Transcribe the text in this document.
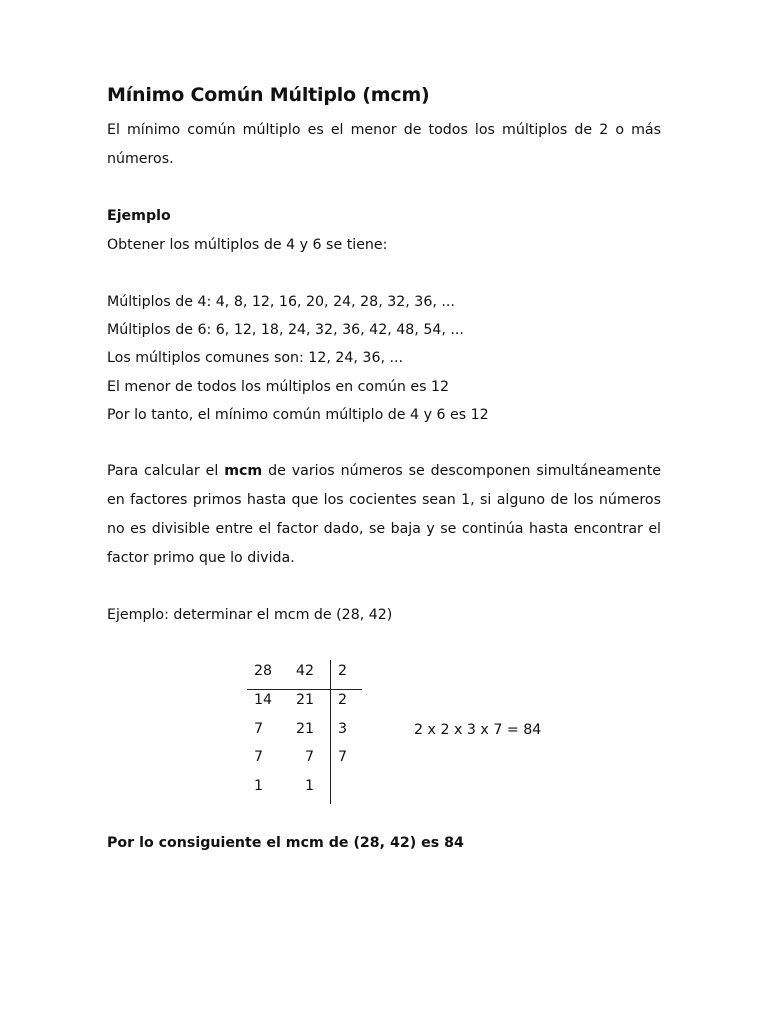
Mínimo Común Múltiplo (mcm)
El mínimo común múltiplo es el menor de todos los múltiplos de 2 o más números.
Ejemplo
Obtener los múltiplos de 4 y 6 se tiene:
Múltiplos de 4: 4, 8, 12, 16, 20, 24, 28, 32, 36, ...
Múltiplos de 6: 6, 12, 18, 24, 32, 36, 42, 48, 54, ...
Los múltiplos comunes son: 12, 24, 36, ...
El menor de todos los múltiplos en común es 12
Por lo tanto, el mínimo común múltiplo de 4 y 6 es 12
Para calcular el mcm de varios números se descomponen simultáneamente en factores primos hasta que los cocientes sean 1, si alguno de los números no es divisible entre el factor dado, se baja y se continúa hasta encontrar el factor primo que lo divida.
Ejemplo: determinar el mcm de (28, 42)
28	42 2
14	21 2
7	21 3
7	7 7
1	1
2 x 2 x 3 x 7 = 84
Por lo consiguiente el mcm de (28, 42) es 84
